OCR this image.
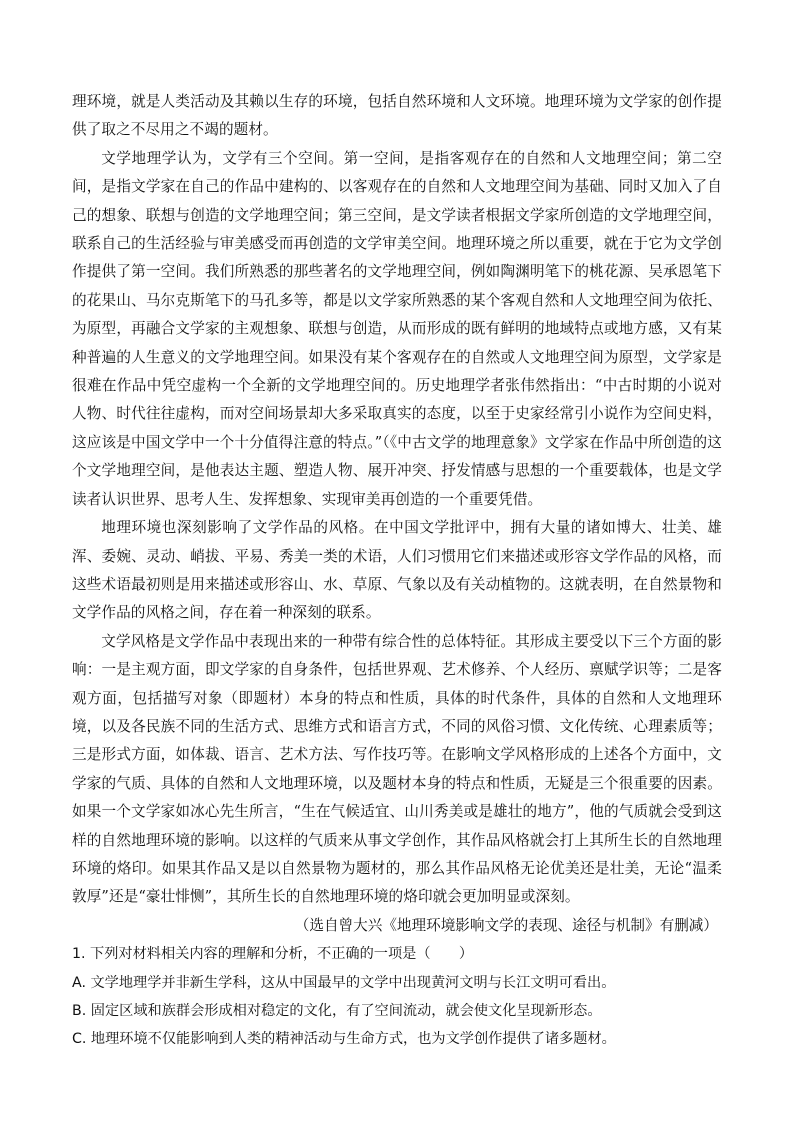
理环境，就是人类活动及其赖以生存的环境，包括自然环境和人文环境。地理环境为文学家的创作提供了取之不尽用之不竭的题材。

文学地理学认为，文学有三个空间。第一空间，是指客观存在的自然和人文地理空间；第二空间，是指文学家在自己的作品中建构的、以客观存在的自然和人文地理空间为基础、同时又加入了自己的想象、联想与创造的文学地理空间；第三空间，是文学读者根据文学家所创造的文学地理空间，联系自己的生活经验与审美感受而再创造的文学审美空间。地理环境之所以重要，就在于它为文学创作提供了第一空间。我们所熟悉的那些著名的文学地理空间，例如陶渊明笔下的桃花源、吴承恩笔下的花果山、马尔克斯笔下的马孔多等，都是以文学家所熟悉的某个客观自然和人文地理空间为依托、为原型，再融合文学家的主观想象、联想与创造，从而形成的既有鲜明的地域特点或地方感，又有某种普遍的人生意义的文学地理空间。如果没有某个客观存在的自然或人文地理空间为原型，文学家是很难在作品中凭空虚构一个全新的文学地理空间的。历史地理学者张伟然指出：“中古时期的小说对人物、时代往往虚构，而对空间场景却大多采取真实的态度，以至于史家经常引小说作为空间史料，这应该是中国文学中一个十分值得注意的特点。”（《中古文学的地理意象》文学家在作品中所创造的这个文学地理空间，是他表达主题、塑造人物、展开冲突、抒发情感与思想的一个重要载体，也是文学读者认识世界、思考人生、发挥想象、实现审美再创造的一个重要凭借。

地理环境也深刻影响了文学作品的风格。在中国文学批评中，拥有大量的诸如博大、壮美、雄浑、委婉、灵动、峭拔、平易、秀美一类的术语，人们习惯用它们来描述或形容文学作品的风格，而这些术语最初则是用来描述或形容山、水、草原、气象以及有关动植物的。这就表明，在自然景物和文学作品的风格之间，存在着一种深刻的联系。

文学风格是文学作品中表现出来的一种带有综合性的总体特征。其形成主要受以下三个方面的影响：一是主观方面，即文学家的自身条件，包括世界观、艺术修养、个人经历、禀赋学识等；二是客观方面，包括描写对象（即题材）本身的特点和性质，具体的时代条件，具体的自然和人文地理环境，以及各民族不同的生活方式、思维方式和语言方式，不同的风俗习惯、文化传统、心理素质等；三是形式方面，如体裁、语言、艺术方法、写作技巧等。在影响文学风格形成的上述各个方面中，文学家的气质、具体的自然和人文地理环境，以及题材本身的特点和性质，无疑是三个很重要的因素。如果一个文学家如冰心先生所言，“生在气候适宜、山川秀美或是雄壮的地方”，他的气质就会受到这样的自然地理环境的影响。以这样的气质来从事文学创作，其作品风格就会打上其所生长的自然地理环境的烙印。如果其作品又是以自然景物为题材的，那么其作品风格无论优美还是壮美，无论“温柔敦厚”还是“豪壮悱恻”，其所生长的自然地理环境的烙印就会更加明显或深刻。

（选自曾大兴《地理环境影响文学的表现、途径与机制》有删减）

1. 下列对材料相关内容的理解和分析，不正确的一项是（　　）

A. 文学地理学并非新生学科，这从中国最早的文学中出现黄河文明与长江文明可看出。

B. 固定区域和族群会形成相对稳定的文化，有了空间流动，就会使文化呈现新形态。

C. 地理环境不仅能影响到人类的精神活动与生命方式，也为文学创作提供了诸多题材。
